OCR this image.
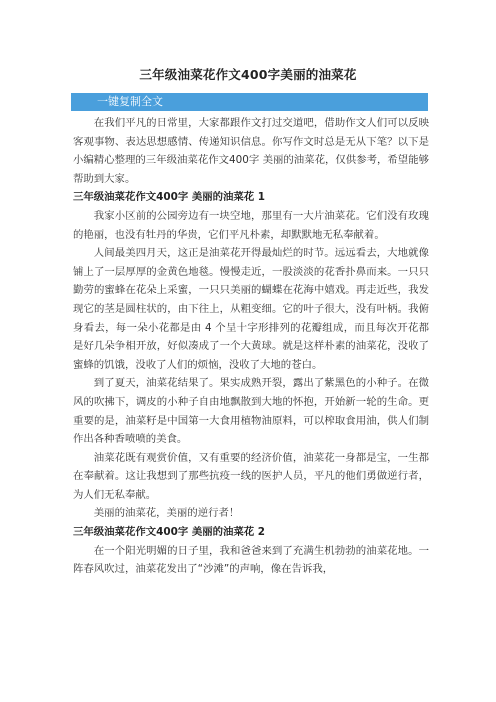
三年级油菜花作文400字美丽的油菜花
一键复制全文

在我们平凡的日常里，大家都跟作文打过交道吧，借助作文人们可以反映客观事物、表达思想感情、传递知识信息。你写作文时总是无从下笔？以下是小编精心整理的三年级油菜花作文400字 美丽的油菜花，仅供参考，希望能够帮助到大家。

三年级油菜花作文400字 美丽的油菜花 1

我家小区前的公园旁边有一块空地，那里有一大片油菜花。它们没有玫瑰的艳丽，也没有牡丹的华贵，它们平凡朴素，却默默地无私奉献着。

人间最美四月天，这正是油菜花开得最灿烂的时节。远远看去，大地就像铺上了一层厚厚的金黄色地毯。慢慢走近，一股淡淡的花香扑鼻而来。一只只勤劳的蜜蜂在花朵上采蜜，一只只美丽的蝴蝶在花海中嬉戏。再走近些，我发现它的茎是圆柱状的，由下往上，从粗变细。它的叶子很大，没有叶柄。我俯身看去，每一朵小花都是由 4 个呈十字形排列的花瓣组成，而且每次开花都是好几朵争相开放，好似凑成了一个大黄球。就是这样朴素的油菜花，没收了蜜蜂的饥饿，没收了人们的烦恼，没收了大地的苍白。

到了夏天，油菜花结果了。果实成熟开裂，露出了紫黑色的小种子。在微风的吹拂下，调皮的小种子自由地飘散到大地的怀抱，开始新一轮的生命。更重要的是，油菜籽是中国第一大食用植物油原料，可以榨取食用油，供人们制作出各种香喷喷的美食。

油菜花既有观赏价值，又有重要的经济价值，油菜花一身都是宝，一生都在奉献着。这让我想到了那些抗疫一线的医护人员，平凡的他们勇做逆行者，为人们无私奉献。

美丽的油菜花，美丽的逆行者！

三年级油菜花作文400字 美丽的油菜花 2

在一个阳光明媚的日子里，我和爸爸来到了充满生机勃勃的油菜花地。一阵春风吹过，油菜花发出了“沙滩”的声响，像在告诉我，
